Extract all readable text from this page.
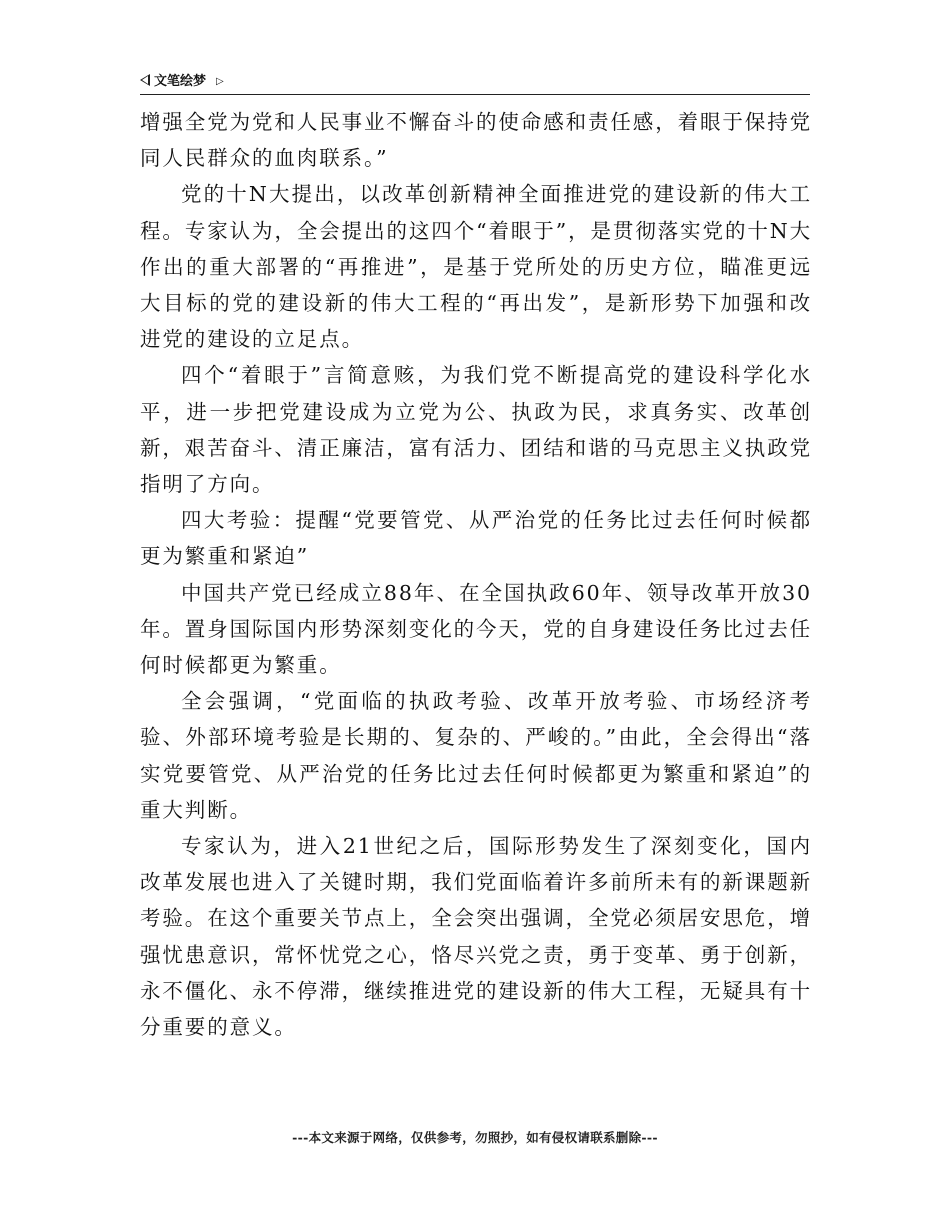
文笔绘梦 ▷

增强全党为党和人民事业不懈奋斗的使命感和责任感，着眼于保持党同人民群众的血肉联系。”

党的十N大提出，以改革创新精神全面推进党的建设新的伟大工程。专家认为，全会提出的这四个“着眼于”，是贯彻落实党的十N大作出的重大部署的“再推进”，是基于党所处的历史方位，瞄准更远大目标的党的建设新的伟大工程的“再出发”，是新形势下加强和改进党的建设的立足点。

四个“着眼于”言简意赅，为我们党不断提高党的建设科学化水平，进一步把党建设成为立党为公、执政为民，求真务实、改革创新，艰苦奋斗、清正廉洁，富有活力、团结和谐的马克思主义执政党指明了方向。

四大考验：提醒“党要管党、从严治党的任务比过去任何时候都更为繁重和紧迫”

中国共产党已经成立88年、在全国执政60年、领导改革开放30年。置身国际国内形势深刻变化的今天，党的自身建设任务比过去任何时候都更为繁重。

全会强调，“党面临的执政考验、改革开放考验、市场经济考验、外部环境考验是长期的、复杂的、严峻的。”由此，全会得出“落实党要管党、从严治党的任务比过去任何时候都更为繁重和紧迫”的重大判断。

专家认为，进入21世纪之后，国际形势发生了深刻变化，国内改革发展也进入了关键时期，我们党面临着许多前所未有的新课题新考验。在这个重要关节点上，全会突出强调，全党必须居安思危，增强忧患意识，常怀忧党之心，恪尽兴党之责，勇于变革、勇于创新，永不僵化、永不停滞，继续推进党的建设新的伟大工程，无疑具有十分重要的意义。

---本文来源于网络，仅供参考，勿照抄，如有侵权请联系删除---
